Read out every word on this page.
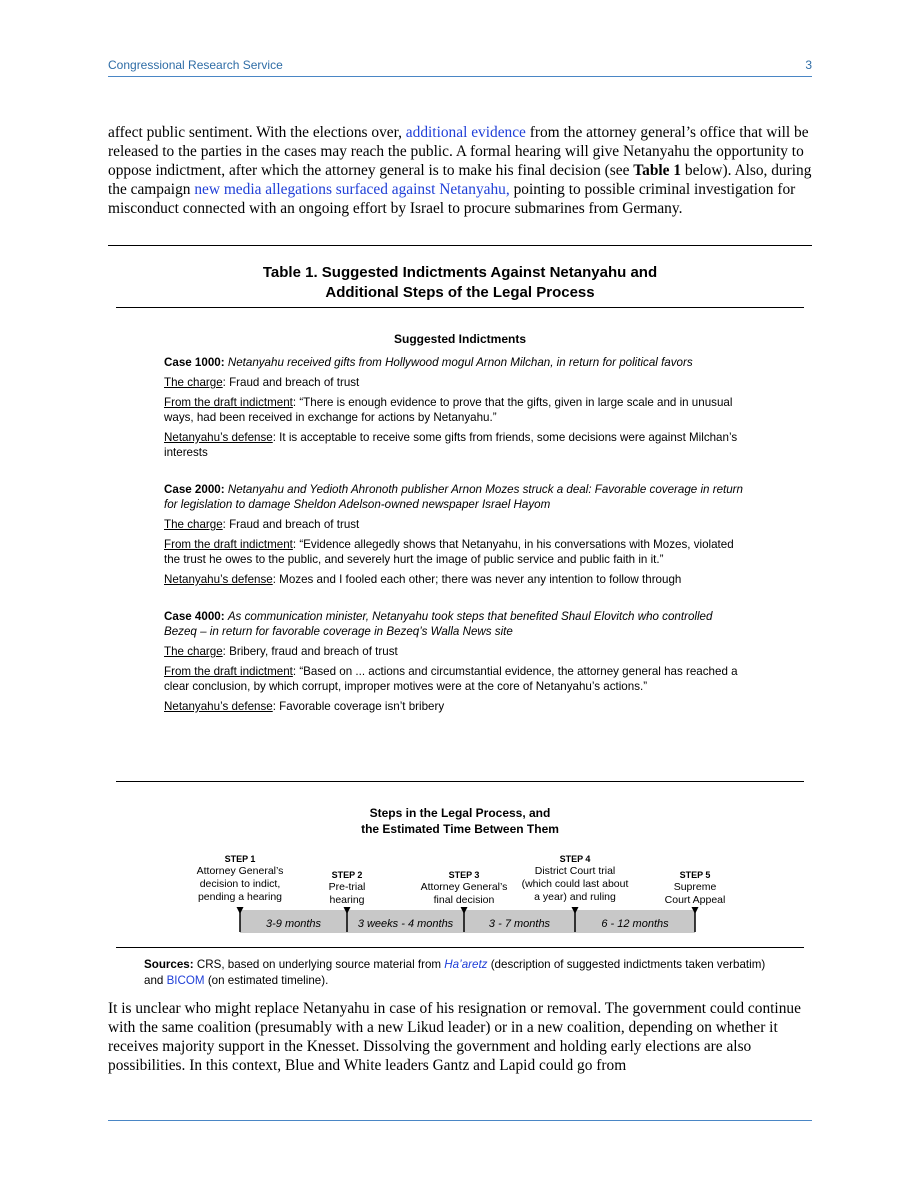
Congressional Research Service	3
affect public sentiment. With the elections over, additional evidence from the attorney general’s office that will be released to the parties in the cases may reach the public. A formal hearing will give Netanyahu the opportunity to oppose indictment, after which the attorney general is to make his final decision (see Table 1 below). Also, during the campaign new media allegations surfaced against Netanyahu, pointing to possible criminal investigation for misconduct connected with an ongoing effort by Israel to procure submarines from Germany.
Table 1. Suggested Indictments Against Netanyahu and
Additional Steps of the Legal Process
Suggested Indictments
Case 1000: Netanyahu received gifts from Hollywood mogul Arnon Milchan, in return for political favors
The charge: Fraud and breach of trust
From the draft indictment: “There is enough evidence to prove that the gifts, given in large scale and in unusual ways, had been received in exchange for actions by Netanyahu.”
Netanyahu’s defense: It is acceptable to receive some gifts from friends, some decisions were against Milchan’s interests
Case 2000: Netanyahu and Yedioth Ahronoth publisher Arnon Mozes struck a deal: Favorable coverage in return for legislation to damage Sheldon Adelson-owned newspaper Israel Hayom
The charge: Fraud and breach of trust
From the draft indictment: “Evidence allegedly shows that Netanyahu, in his conversations with Mozes, violated the trust he owes to the public, and severely hurt the image of public service and public faith in it.”
Netanyahu’s defense: Mozes and I fooled each other; there was never any intention to follow through
Case 4000: As communication minister, Netanyahu took steps that benefited Shaul Elovitch who controlled Bezeq – in return for favorable coverage in Bezeq’s Walla News site
The charge: Bribery, fraud and breach of trust
From the draft indictment: “Based on ... actions and circumstantial evidence, the attorney general has reached a clear conclusion, by which corrupt, improper motives were at the core of Netanyahu’s actions.”
Netanyahu’s defense: Favorable coverage isn’t bribery
Steps in the Legal Process, and
the Estimated Time Between Them
STEP 1
Attorney General’s
decision to indict,
pending a hearing
STEP 2
Pre-trial
hearing
STEP 3
Attorney General’s
final decision
STEP 4
District Court trial
(which could last about
a year) and ruling
STEP 5
Supreme
Court Appeal
3-9 months	3 weeks - 4 months	3 - 7 months	6 - 12 months
Sources: CRS, based on underlying source material from Ha’aretz (description of suggested indictments taken verbatim) and BICOM (on estimated timeline).
It is unclear who might replace Netanyahu in case of his resignation or removal. The government could continue with the same coalition (presumably with a new Likud leader) or in a new coalition, depending on whether it receives majority support in the Knesset. Dissolving the government and holding early elections are also possibilities. In this context, Blue and White leaders Gantz and Lapid could go from
